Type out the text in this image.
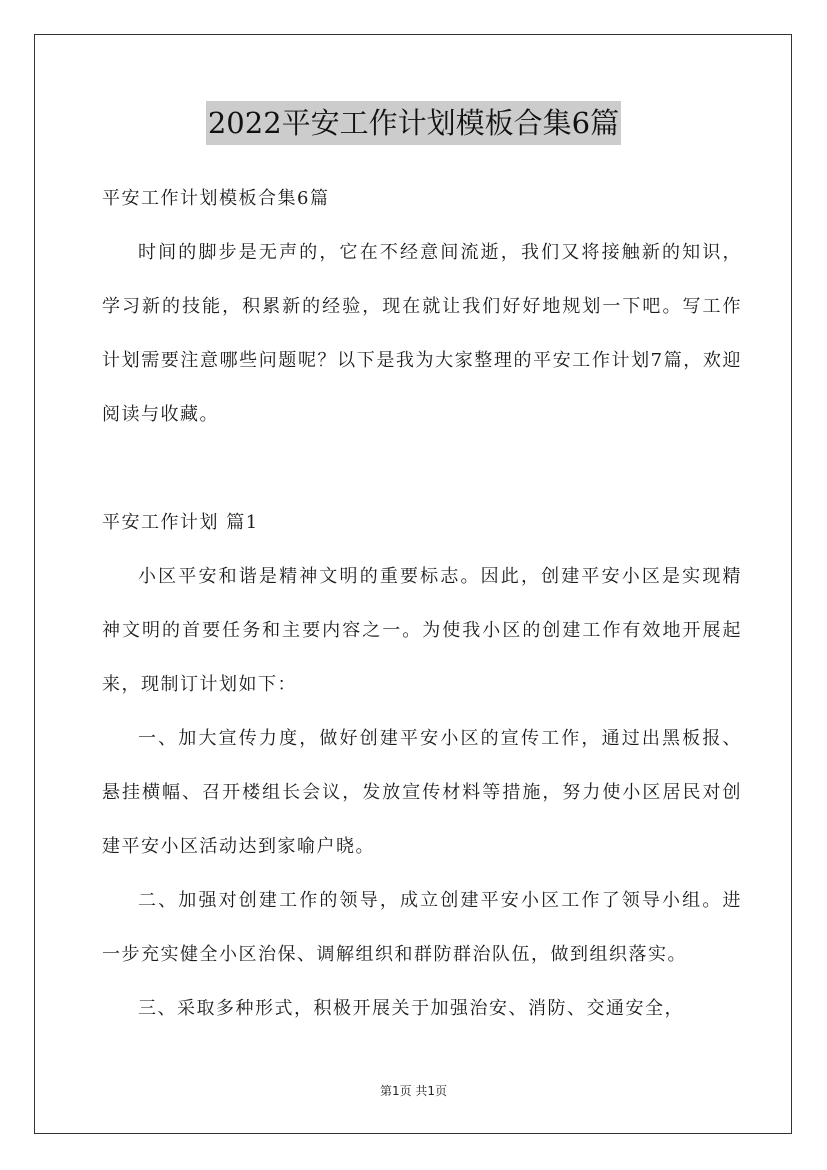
2022平安工作计划模板合集6篇

平安工作计划模板合集6篇

时间的脚步是无声的，它在不经意间流逝，我们又将接触新的知识，学习新的技能，积累新的经验，现在就让我们好好地规划一下吧。写工作计划需要注意哪些问题呢？以下是我为大家整理的平安工作计划7篇，欢迎阅读与收藏。

平安工作计划 篇1

小区平安和谐是精神文明的重要标志。因此，创建平安小区是实现精神文明的首要任务和主要内容之一。为使我小区的创建工作有效地开展起来，现制订计划如下：

一、加大宣传力度，做好创建平安小区的宣传工作，通过出黑板报、悬挂横幅、召开楼组长会议，发放宣传材料等措施，努力使小区居民对创建平安小区活动达到家喻户晓。

二、加强对创建工作的领导，成立创建平安小区工作了领导小组。进一步充实健全小区治保、调解组织和群防群治队伍，做到组织落实。

三、采取多种形式，积极开展关于加强治安、消防、交通安全，

第1页 共1页
